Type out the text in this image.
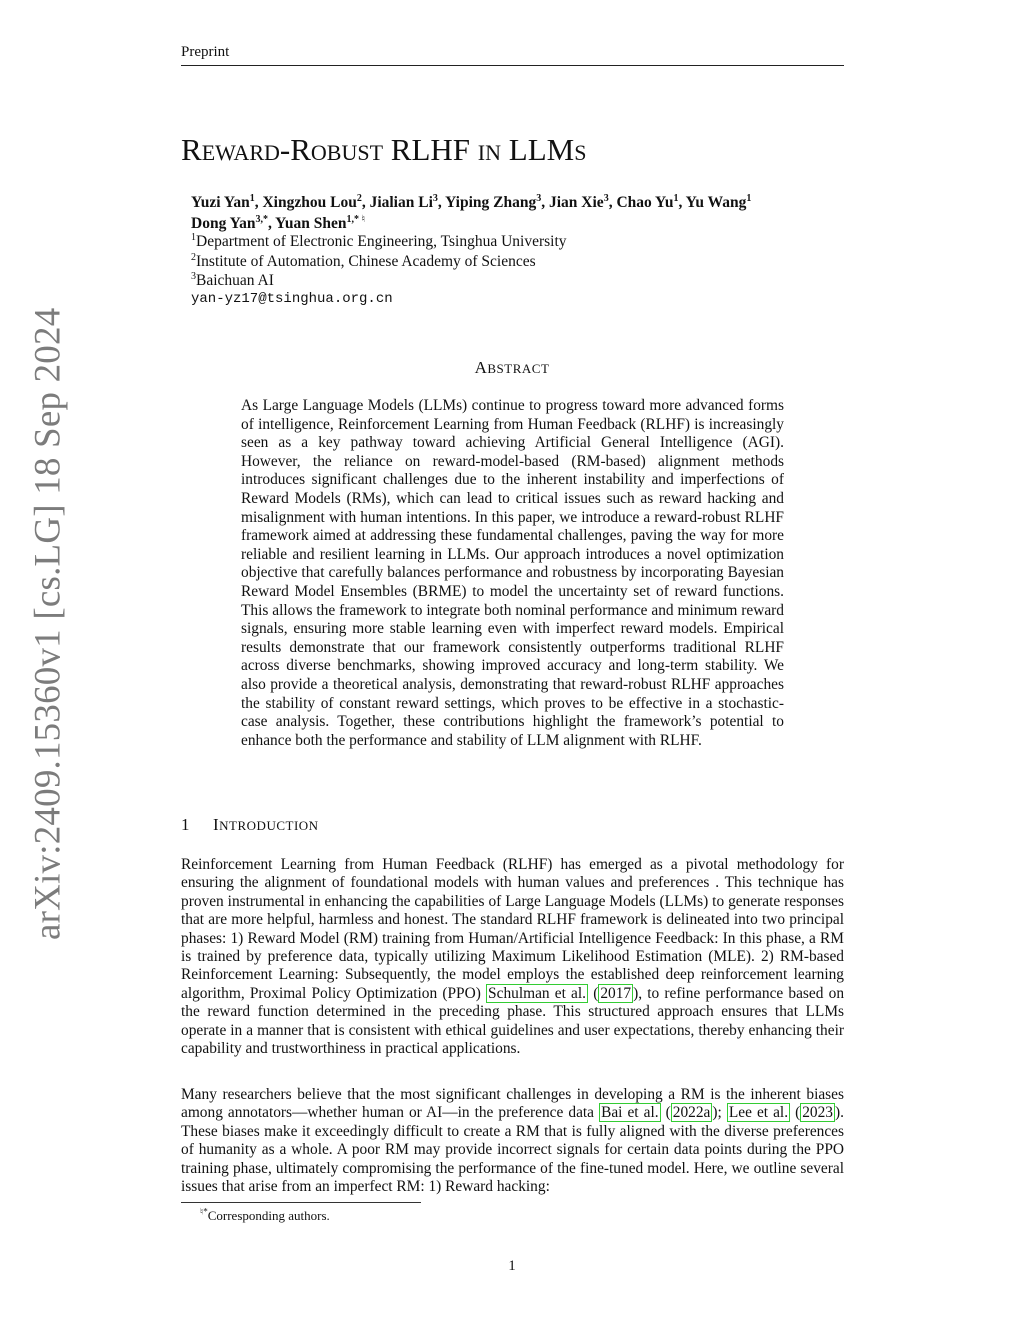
Preprint
arXiv:2409.15360v1 [cs.LG] 18 Sep 2024
REWARD-ROBUST RLHF IN LLMS
Yuzi Yan$^1$, Xingzhou Lou$^2$, Jialian Li$^3$, Yiping Zhang$^3$, Jian Xie$^3$, Chao Yu$^1$, Yu Wang$^1$
Dong Yan$^{3,*}$, Yuan Shen$^{1,* ♮}$
$^1$Department of Electronic Engineering, Tsinghua University
$^2$Institute of Automation, Chinese Academy of Sciences
$^3$Baichuan AI
yan-yz17@tsinghua.org.cn
ABSTRACT
As Large Language Models (LLMs) continue to progress toward more advanced forms of intelligence, Reinforcement Learning from Human Feedback (RLHF) is increasingly seen as a key pathway toward achieving Artificial General Intelligence (AGI). However, the reliance on reward-model-based (RM-based) alignment methods introduces significant challenges due to the inherent instability and imperfections of Reward Models (RMs), which can lead to critical issues such as reward hacking and misalignment with human intentions. In this paper, we introduce a reward-robust RLHF framework aimed at addressing these fundamental challenges, paving the way for more reliable and resilient learning in LLMs. Our approach introduces a novel optimization objective that carefully balances performance and robustness by incorporating Bayesian Reward Model Ensembles (BRME) to model the uncertainty set of reward functions. This allows the framework to integrate both nominal performance and minimum reward signals, ensuring more stable learning even with imperfect reward models. Empirical results demonstrate that our framework consistently outperforms traditional RLHF across diverse benchmarks, showing improved accuracy and long-term stability. We also provide a theoretical analysis, demonstrating that reward-robust RLHF approaches the stability of constant reward settings, which proves to be effective in a stochastic-case analysis. Together, these contributions highlight the framework’s potential to enhance both the performance and stability of LLM alignment with RLHF.
1 INTRODUCTION
Reinforcement Learning from Human Feedback (RLHF) has emerged as a pivotal methodology for ensuring the alignment of foundational models with human values and preferences . This technique has proven instrumental in enhancing the capabilities of Large Language Models (LLMs) to generate responses that are more helpful, harmless and honest. The standard RLHF framework is delineated into two principal phases: 1) Reward Model (RM) training from Human/Artificial Intelligence Feedback: In this phase, a RM is trained by preference data, typically utilizing Maximum Likelihood Estimation (MLE). 2) RM-based Reinforcement Learning: Subsequently, the model employs the established deep reinforcement learning algorithm, Proximal Policy Optimization (PPO) Schulman et al. ( 2017 ), to refine performance based on the reward function determined in the preceding phase. This structured approach ensures that LLMs operate in a manner that is consistent with ethical guidelines and user expectations, thereby enhancing their capability and trustworthiness in practical applications.
Many researchers believe that the most significant challenges in developing a RM is the inherent biases among annotators—whether human or AI—in the preference data Bai et al. ( 2022a ); Lee et al. ( 2023 ). These biases make it exceedingly difficult to create a RM that is fully aligned with the diverse preferences of humanity as a whole. A poor RM may provide incorrect signals for certain data points during the PPO training phase, ultimately compromising the performance of the fine-tuned model. Here, we outline several issues that arise from an imperfect RM: 1) Reward hacking:
♮*Corresponding authors.
1
